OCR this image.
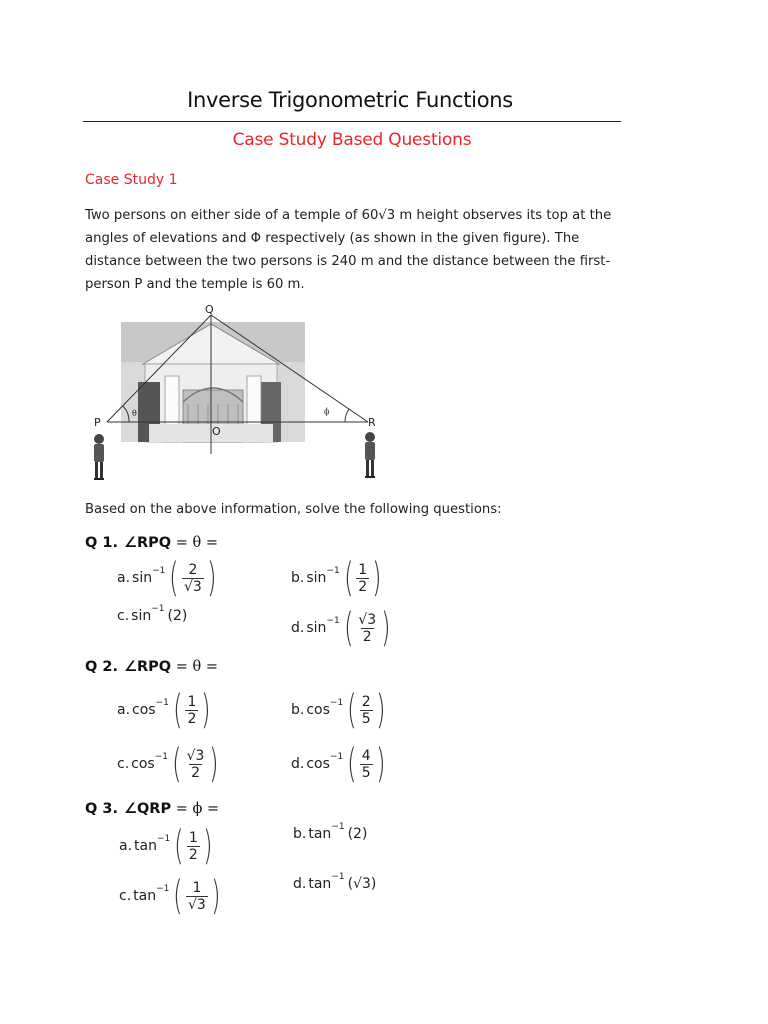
Inverse Trigonometric Functions
Case Study Based Questions
Case Study 1
Two persons on either side of a temple of 60√3 m height observes its top at the angles of elevations and Φ respectively (as shown in the given figure). The distance between the two persons is 240 m and the distance between the first-person P and the temple is 60 m.
Q
P
O
R
θ	ϕ
Based on the above information, solve the following questions:
Q 1. ∠RPQ = θ =
Q 2. ∠RPQ = θ =
Q 3. ∠QRP = ϕ =
a. sin −1 ( $\frac{2}{√3}$ )	b. sin −1 ( $\frac{1}{2}$ )
c. sin −1 (2)
d. sin −1 ( $\frac{√3}{2}$ )
a. cos −1 ( $\frac{1}{2}$ )	b. cos −1 ( $\frac{2}{5}$ )
c. cos −1 ( $\frac{√3}{2}$ )	d. cos −1 ( $\frac{4}{5}$ )
a. tan −1 ( $\frac{1}{2}$ )	b. tan −1 (2)
c. tan −1 ( $\frac{1}{√3}$ )	d. tan −1 (√3)
